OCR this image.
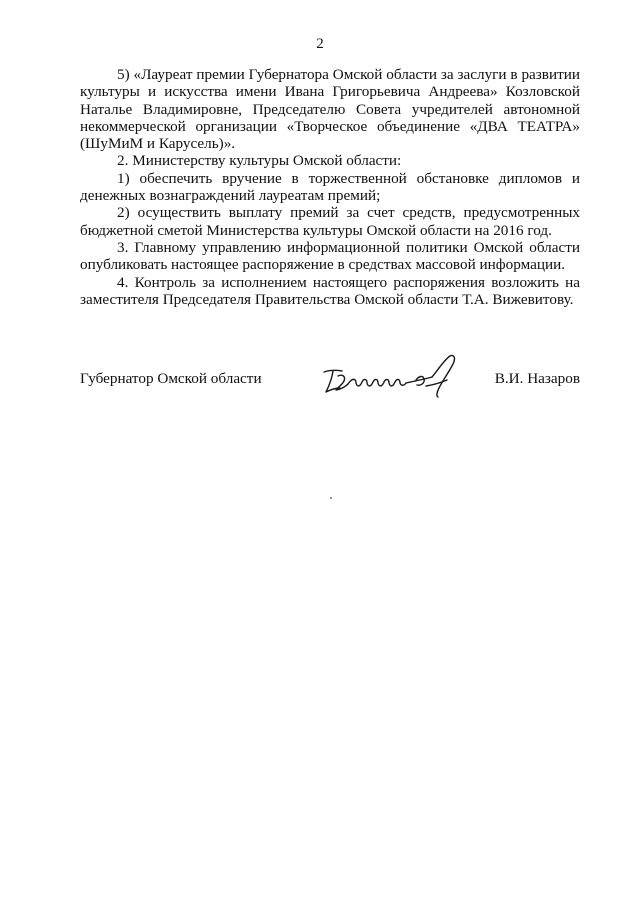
2

5) «Лауреат премии Губернатора Омской области за заслуги в развитии культуры и искусства имени Ивана Григорьевича Андреева» Козловской Наталье Владимировне, Председателю Совета учредителей автономной некоммерческой организации «Творческое объединение «ДВА ТЕАТРА» (ШуМиМ и Карусель)».

2. Министерству культуры Омской области:

1) обеспечить вручение в торжественной обстановке дипломов и денежных вознаграждений лауреатам премий;

2) осуществить выплату премий за счет средств, предусмотренных бюджетной сметой Министерства культуры Омской области на 2016 год.

3. Главному управлению информационной политики Омской области опубликовать настоящее распоряжение в средствах массовой информации.

4. Контроль за исполнением настоящего распоряжения возложить на заместителя Председателя Правительства Омской области Т.А. Вижевитову.

Губернатор Омской области	В.И. Назаров
